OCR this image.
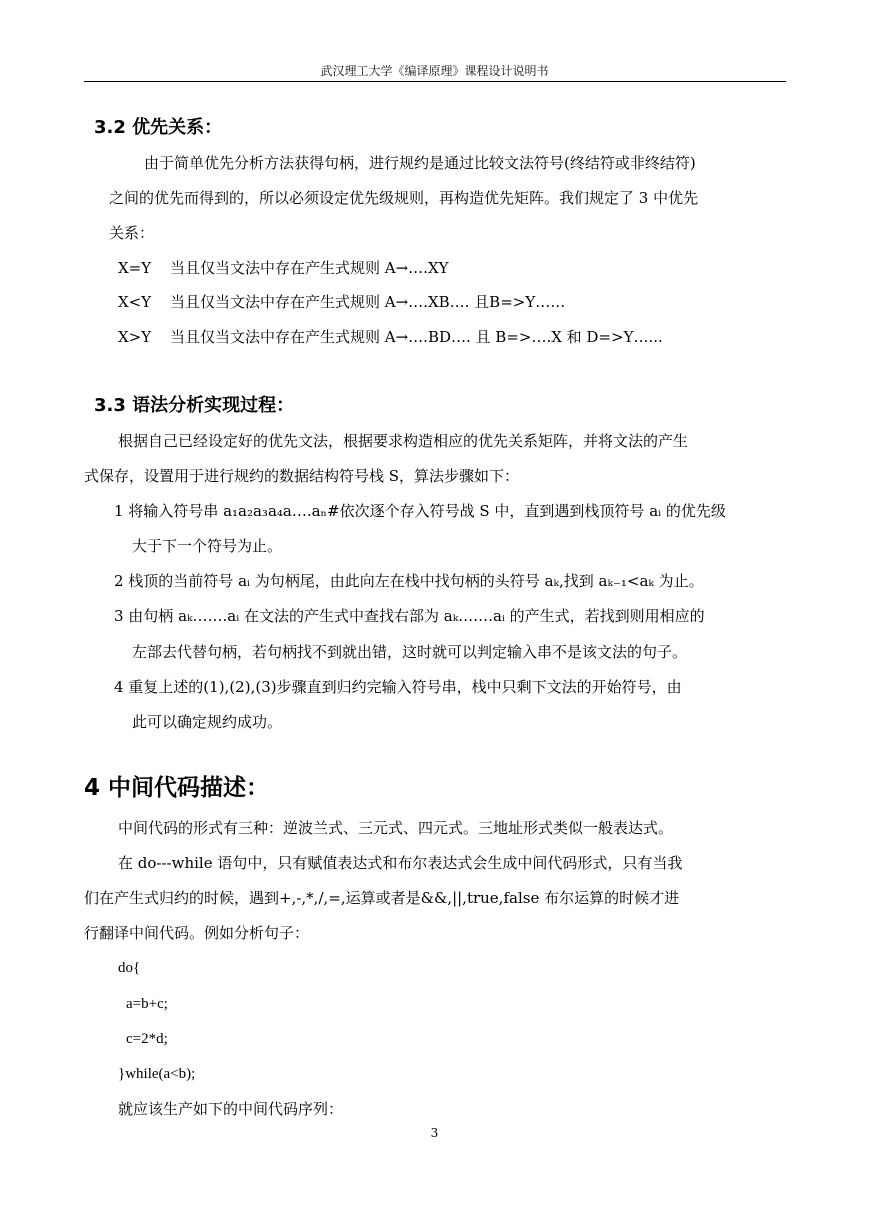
武汉理工大学《编译原理》课程设计说明书
3.2 优先关系：
由于简单优先分析方法获得句柄，进行规约是通过比较文法符号(终结符或非终结符)
之间的优先而得到的，所以必须设定优先级规则，再构造优先矩阵。我们规定了 3 中优先
关系：
X=Y 当且仅当文法中存在产生式规则 A→….XY
X<Y 当且仅当文法中存在产生式规则 A→….XB…. 且B=>Y……
X>Y 当且仅当文法中存在产生式规则 A→….BD…. 且 B=>….X 和 D=>Y…...
3.3 语法分析实现过程：
根据自己已经设定好的优先文法，根据要求构造相应的优先关系矩阵，并将文法的产生
式保存，设置用于进行规约的数据结构符号栈 S，算法步骤如下：
1 将输入符号串 a₁a₂a₃a₄a….aₙ#依次逐个存入符号战 S 中，直到遇到栈顶符号 aᵢ 的优先级
大于下一个符号为止。
2 栈顶的当前符号 aᵢ 为句柄尾，由此向左在栈中找句柄的头符号 aₖ,找到 aₖ₋₁<aₖ 为止。
3 由句柄 aₖ…….aᵢ 在文法的产生式中查找右部为 aₖ…….aᵢ 的产生式，若找到则用相应的
左部去代替句柄，若句柄找不到就出错，这时就可以判定输入串不是该文法的句子。
4 重复上述的(1),(2),(3)步骤直到归约完输入符号串，栈中只剩下文法的开始符号，由
此可以确定规约成功。
4 中间代码描述：
中间代码的形式有三种：逆波兰式、三元式、四元式。三地址形式类似一般表达式。
在 do---while 语句中，只有赋值表达式和布尔表达式会生成中间代码形式，只有当我
们在产生式归约的时候，遇到+,-,*,/,=,运算或者是&&,||,true,false 布尔运算的时候才进
行翻译中间代码。例如分析句子：
do{
a=b+c;
c=2*d;
}while(a<b);
就应该生产如下的中间代码序列：
3
